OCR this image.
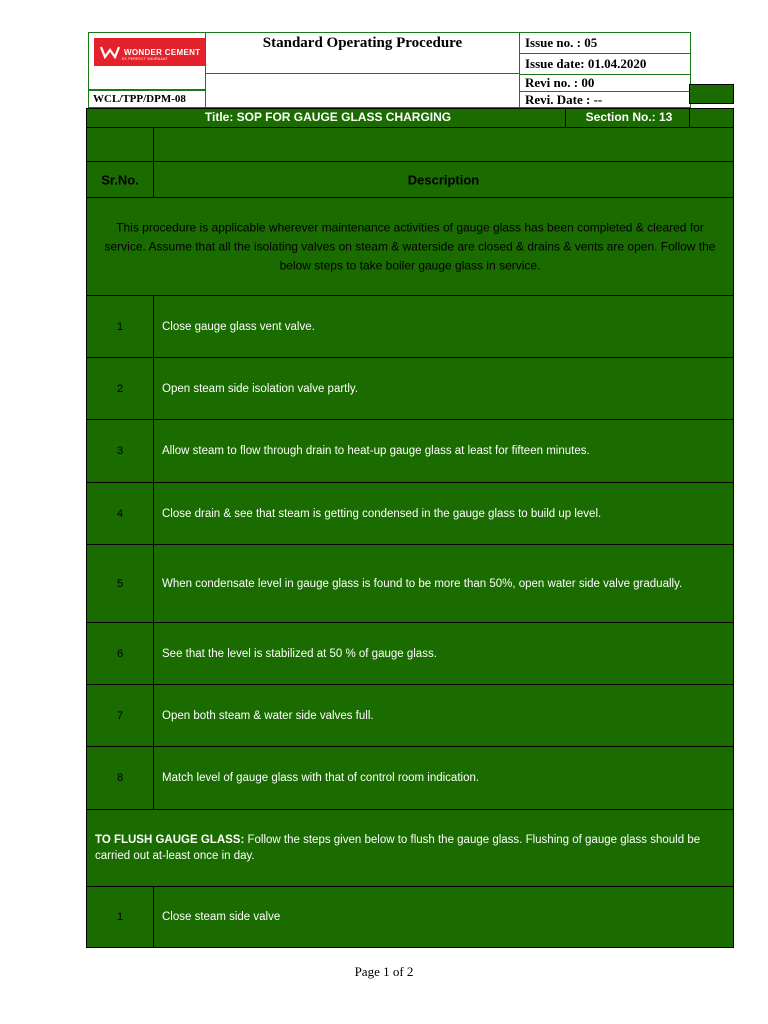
WONDER CEMENT
EK PERFECT SHURUAAT
WCL/TPP/DPM-08
Standard Operating Procedure	Issue no. : 05
Issue date: 01.04.2020
Revi no. : 00
Revi. Date : --
Title: SOP FOR GAUGE GLASS CHARGING	Section No.: 13
Sr.No.	Description
This procedure is applicable wherever maintenance activities of gauge glass has been completed & cleared for service. Assume that all the isolating valves on steam & waterside are closed & drains & vents are open. Follow the below steps to take boiler gauge glass in service.
1	Close gauge glass vent valve.
2	Open steam side isolation valve partly.
3	Allow steam to flow through drain to heat-up gauge glass at least for fifteen minutes.
4	Close drain & see that steam is getting condensed in the gauge glass to build up level.
5	When condensate level in gauge glass is found to be more than 50%, open water side valve gradually.
6	See that the level is stabilized at 50 % of gauge glass.
7	Open both steam & water side valves full.
8	Match level of gauge glass with that of control room indication.
TO FLUSH GAUGE GLASS: Follow the steps given below to flush the gauge glass. Flushing of gauge glass should be carried out at-least once in day.
1	Close steam side valve
Page 1 of 2
